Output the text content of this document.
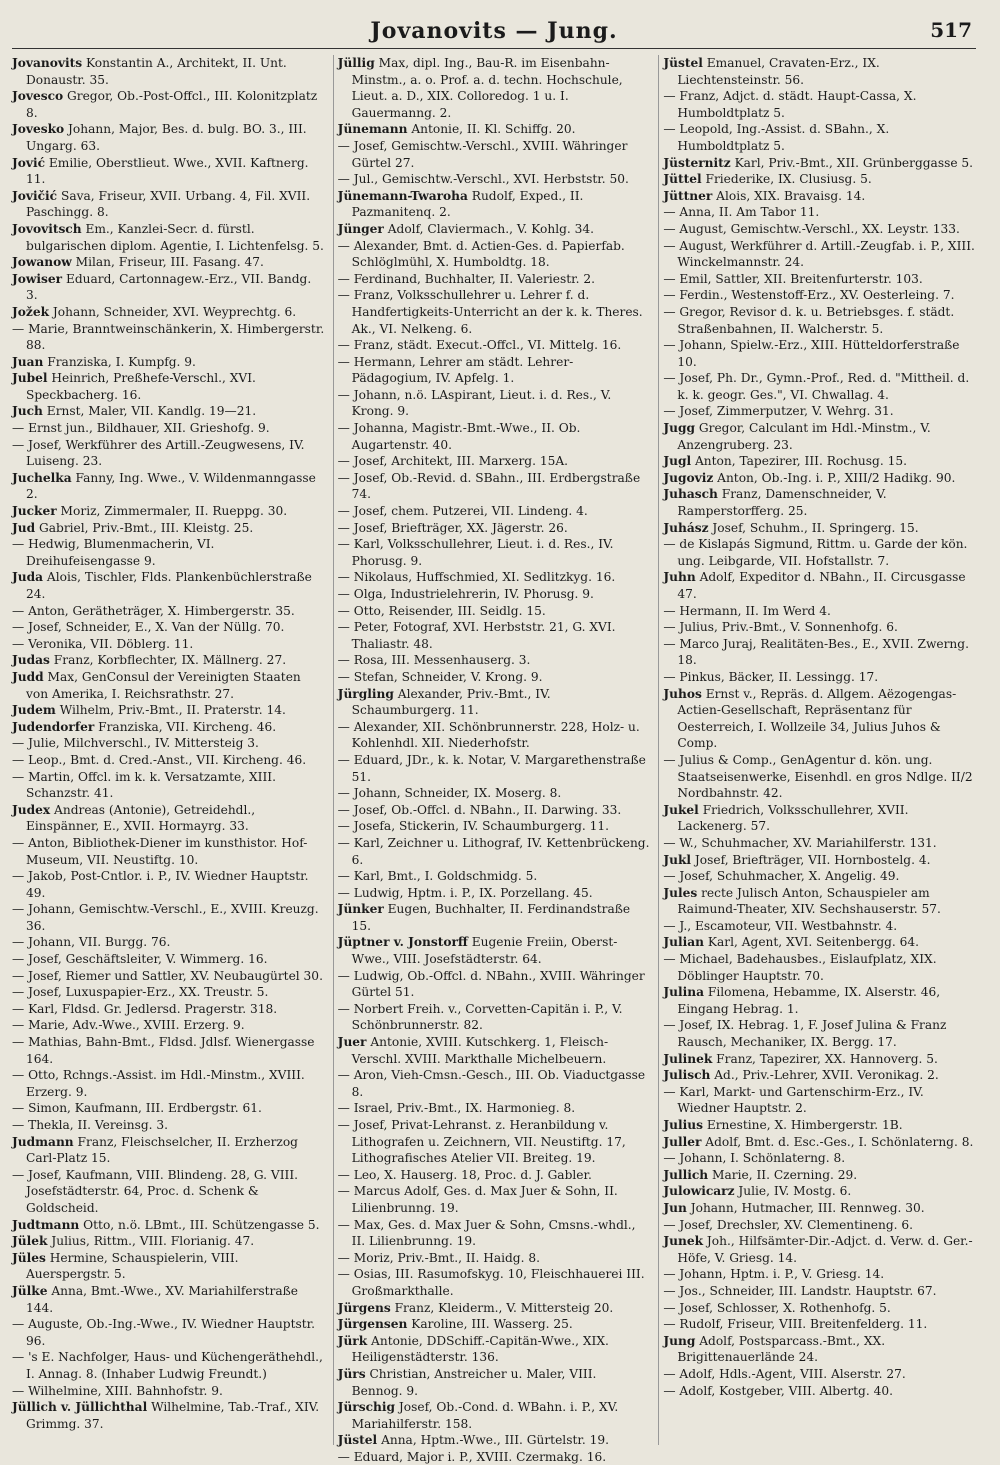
Jovanovits — Jung.	517

Jovanovits Konstantin A., Architekt, II. Unt. Donaustr. 35.

Jovesco Gregor, Ob.-Post-Offcl., III. Kolonitzplatz 8.

Jovesko Johann, Major, Bes. d. bulg. BO. 3., III. Ungarg. 63.

Jović Emilie, Oberstlieut. Wwe., XVII. Kaftnerg. 11.

Jovičić Sava, Friseur, XVII. Urbang. 4, Fil. XVII. Paschingg. 8.

Jovovitsch Em., Kanzlei-Secr. d. fürstl. bulgarischen diplom. Agentie, I. Lichtenfelsg. 5.

Jowanow Milan, Friseur, III. Fasang. 47.

Jowiser Eduard, Cartonnagew.-Erz., VII. Bandg. 3.

Jožek Johann, Schneider, XVI. Weyprechtg. 6.

— Marie, Branntweinschänkerin, X. Himbergerstr. 88.

Juan Franziska, I. Kumpfg. 9.

Jubel Heinrich, Preßhefe-Verschl., XVI. Speckbacherg. 16.

Juch Ernst, Maler, VII. Kandlg. 19—21.

— Ernst jun., Bildhauer, XII. Grieshofg. 9.

— Josef, Werkführer des Artill.-Zeugwesens, IV. Luiseng. 23.

Juchelka Fanny, Ing. Wwe., V. Wildenmanngasse 2.

Jucker Moriz, Zimmermaler, II. Rueppg. 30.

Jud Gabriel, Priv.-Bmt., III. Kleistg. 25.

— Hedwig, Blumenmacherin, VI. Dreihufeisengasse 9.

Juda Alois, Tischler, Flds. Plankenbüchlerstraße 24.

— Anton, Gerätheträger, X. Himbergerstr. 35.

— Josef, Schneider, E., X. Van der Nüllg. 70.

— Veronika, VII. Döblerg. 11.

Judas Franz, Korbflechter, IX. Mällnerg. 27.

Judd Max, GenConsul der Vereinigten Staaten von Amerika, I. Reichsrathstr. 27.

Judem Wilhelm, Priv.-Bmt., II. Praterstr. 14.

Judendorfer Franziska, VII. Kircheng. 46.

— Julie, Milchverschl., IV. Mittersteig 3.

— Leop., Bmt. d. Cred.-Anst., VII. Kircheng. 46.

— Martin, Offcl. im k. k. Versatzamte, XIII. Schanzstr. 41.

Judex Andreas (Antonie), Getreidehdl., Einspänner, E., XVII. Hormayrg. 33.

— Anton, Bibliothek-Diener im kunsthistor. Hof-Museum, VII. Neustiftg. 10.

— Jakob, Post-Cntlor. i. P., IV. Wiedner Hauptstr. 49.

— Johann, Gemischtw.-Verschl., E., XVIII. Kreuzg. 36.

— Johann, VII. Burgg. 76.

— Josef, Geschäftsleiter, V. Wimmerg. 16.

— Josef, Riemer und Sattler, XV. Neubaugürtel 30.

— Josef, Luxuspapier-Erz., XX. Treustr. 5.

— Karl, Fldsd. Gr. Jedlersd. Pragerstr. 318.

— Marie, Adv.-Wwe., XVIII. Erzerg. 9.

— Mathias, Bahn-Bmt., Fldsd. Jdlsf. Wienergasse 164.

— Otto, Rchngs.-Assist. im Hdl.-Minstm., XVIII. Erzerg. 9.

— Simon, Kaufmann, III. Erdbergstr. 61.

— Thekla, II. Vereinsg. 3.

Judmann Franz, Fleischselcher, II. Erzherzog Carl-Platz 15.

— Josef, Kaufmann, VIII. Blindeng. 28, G. VIII. Josefstädterstr. 64, Proc. d. Schenk & Goldscheid.

Judtmann Otto, n.ö. LBmt., III. Schützengasse 5.

Jülek Julius, Rittm., VIII. Florianig. 47.

Jüles Hermine, Schauspielerin, VIII. Auerspergstr. 5.

Jülke Anna, Bmt.-Wwe., XV. Mariahilferstraße 144.

— Auguste, Ob.-Ing.-Wwe., IV. Wiedner Hauptstr. 96.

— 's E. Nachfolger, Haus- und Küchengeräthehdl., I. Annag. 8. (Inhaber Ludwig Freundt.)

— Wilhelmine, XIII. Bahnhofstr. 9.

Jüllich v. Jüllichthal Wilhelmine, Tab.-Traf., XIV. Grimmg. 37.

Jüllig Max, dipl. Ing., Bau-R. im Eisenbahn-Minstm., a. o. Prof. a. d. techn. Hochschule, Lieut. a. D., XIX. Colloredog. 1 u. I. Gauermanng. 2.

Jünemann Antonie, II. Kl. Schiffg. 20.

— Josef, Gemischtw.-Verschl., XVIII. Währinger Gürtel 27.

— Jul., Gemischtw.-Verschl., XVI. Herbststr. 50.

Jünemann-Twaroha Rudolf, Exped., II. Pazmanitenq. 2.

Jünger Adolf, Claviermach., V. Kohlg. 34.

— Alexander, Bmt. d. Actien-Ges. d. Papierfab. Schlöglmühl, X. Humboldtg. 18.

— Ferdinand, Buchhalter, II. Valeriestr. 2.

— Franz, Volksschullehrer u. Lehrer f. d. Handfertigkeits-Unterricht an der k. k. Theres. Ak., VI. Nelkeng. 6.

— Franz, städt. Execut.-Offcl., VI. Mittelg. 16.

— Hermann, Lehrer am städt. Lehrer-Pädagogium, IV. Apfelg. 1.

— Johann, n.ö. LAspirant, Lieut. i. d. Res., V. Krong. 9.

— Johanna, Magistr.-Bmt.-Wwe., II. Ob. Augartenstr. 40.

— Josef, Architekt, III. Marxerg. 15A.

— Josef, Ob.-Revid. d. SBahn., III. Erdbergstraße 74.

— Josef, chem. Putzerei, VII. Lindeng. 4.

— Josef, Briefträger, XX. Jägerstr. 26.

— Karl, Volksschullehrer, Lieut. i. d. Res., IV. Phorusg. 9.

— Nikolaus, Huffschmied, XI. Sedlitzkyg. 16.

— Olga, Industrielehrerin, IV. Phorusg. 9.

— Otto, Reisender, III. Seidlg. 15.

— Peter, Fotograf, XVI. Herbststr. 21, G. XVI. Thaliastr. 48.

— Rosa, III. Messenhauserg. 3.

— Stefan, Schneider, V. Krong. 9.

Jürgling Alexander, Priv.-Bmt., IV. Schaumburgerg. 11.

— Alexander, XII. Schönbrunnerstr. 228, Holz- u. Kohlenhdl. XII. Niederhofstr.

— Eduard, JDr., k. k. Notar, V. Margarethenstraße 51.

— Johann, Schneider, IX. Moserg. 8.

— Josef, Ob.-Offcl. d. NBahn., II. Darwing. 33.

— Josefa, Stickerin, IV. Schaumburgerg. 11.

— Karl, Zeichner u. Lithograf, IV. Kettenbrückeng. 6.

— Karl, Bmt., I. Goldschmidg. 5.

— Ludwig, Hptm. i. P., IX. Porzellang. 45.

Jünker Eugen, Buchhalter, II. Ferdinandstraße 15.

Jüptner v. Jonstorff Eugenie Freiin, Oberst-Wwe., VIII. Josefstädterstr. 64.

— Ludwig, Ob.-Offcl. d. NBahn., XVIII. Währinger Gürtel 51.

— Norbert Freih. v., Corvetten-Capitän i. P., V. Schönbrunnerstr. 82.

Juer Antonie, XVIII. Kutschkerg. 1, Fleisch-Verschl. XVIII. Markthalle Michelbeuern.

— Aron, Vieh-Cmsn.-Gesch., III. Ob. Viaductgasse 8.

— Israel, Priv.-Bmt., IX. Harmonieg. 8.

— Josef, Privat-Lehranst. z. Heranbildung v. Lithografen u. Zeichnern, VII. Neustiftg. 17, Lithografisches Atelier VII. Breiteg. 19.

— Leo, X. Hauserg. 18, Proc. d. J. Gabler.

— Marcus Adolf, Ges. d. Max Juer & Sohn, II. Lilienbrunng. 19.

— Max, Ges. d. Max Juer & Sohn, Cmsns.-whdl., II. Lilienbrunng. 19.

— Moriz, Priv.-Bmt., II. Haidg. 8.

— Osias, III. Rasumofskyg. 10, Fleischhauerei III. Großmarkthalle.

Jürgens Franz, Kleiderm., V. Mittersteig 20.

Jürgensen Karoline, III. Wasserg. 25.

Jürk Antonie, DDSchiff.-Capitän-Wwe., XIX. Heiligenstädterstr. 136.

Jürs Christian, Anstreicher u. Maler, VIII. Bennog. 9.

Jürschig Josef, Ob.-Cond. d. WBahn. i. P., XV. Mariahilferstr. 158.

Jüstel Anna, Hptm.-Wwe., III. Gürtelstr. 19.

— Eduard, Major i. P., XVIII. Czermakg. 16.

Jüstel Emanuel, Cravaten-Erz., IX. Liechtensteinstr. 56.

— Franz, Adjct. d. städt. Haupt-Cassa, X. Humboldtplatz 5.

— Leopold, Ing.-Assist. d. SBahn., X. Humboldtplatz 5.

Jüsternitz Karl, Priv.-Bmt., XII. Grünberggasse 5.

Jüttel Friederike, IX. Clusiusg. 5.

Jüttner Alois, XIX. Bravaisg. 14.

— Anna, II. Am Tabor 11.

— August, Gemischtw.-Verschl., XX. Leystr. 133.

— August, Werkführer d. Artill.-Zeugfab. i. P., XIII. Winckelmannstr. 24.

— Emil, Sattler, XII. Breitenfurterstr. 103.

— Ferdin., Westenstoff-Erz., XV. Oesterleing. 7.

— Gregor, Revisor d. k. u. Betriebsges. f. städt. Straßenbahnen, II. Walcherstr. 5.

— Johann, Spielw.-Erz., XIII. Hütteldorferstraße 10.

— Josef, Ph. Dr., Gymn.-Prof., Red. d. "Mittheil. d. k. k. geogr. Ges.", VI. Chwallag. 4.

— Josef, Zimmerputzer, V. Wehrg. 31.

Jugg Gregor, Calculant im Hdl.-Minstm., V. Anzengruberg. 23.

Jugl Anton, Tapezirer, III. Rochusg. 15.

Jugoviz Anton, Ob.-Ing. i. P., XIII/2 Hadikg. 90.

Juhasch Franz, Damenschneider, V. Ramperstorfferg. 25.

Juhász Josef, Schuhm., II. Springerg. 15.

— de Kislapás Sigmund, Rittm. u. Garde der kön. ung. Leibgarde, VII. Hofstallstr. 7.

Juhn Adolf, Expeditor d. NBahn., II. Circusgasse 47.

— Hermann, II. Im Werd 4.

— Julius, Priv.-Bmt., V. Sonnenhofg. 6.

— Marco Juraj, Realitäten-Bes., E., XVII. Zwerng. 18.

— Pinkus, Bäcker, II. Lessingg. 17.

Juhos Ernst v., Repräs. d. Allgem. Aëzogengas-Actien-Gesellschaft, Repräsentanz für Oesterreich, I. Wollzeile 34, Julius Juhos & Comp.

— Julius & Comp., GenAgentur d. kön. ung. Staatseisenwerke, Eisenhdl. en gros Ndlge. II/2 Nordbahnstr. 42.

Jukel Friedrich, Volksschullehrer, XVII. Lackenerg. 57.

— W., Schuhmacher, XV. Mariahilferstr. 131.

Jukl Josef, Briefträger, VII. Hornbostelg. 4.

— Josef, Schuhmacher, X. Angelig. 49.

Jules recte Julisch Anton, Schauspieler am Raimund-Theater, XIV. Sechshauserstr. 57.

— J., Escamoteur, VII. Westbahnstr. 4.

Julian Karl, Agent, XVI. Seitenbergg. 64.

— Michael, Badehausbes., Eislaufplatz, XIX. Döblinger Hauptstr. 70.

Julina Filomena, Hebamme, IX. Alserstr. 46, Eingang Hebrag. 1.

— Josef, IX. Hebrag. 1, F. Josef Julina & Franz Rausch, Mechaniker, IX. Bergg. 17.

Julinek Franz, Tapezirer, XX. Hannoverg. 5.

Julisch Ad., Priv.-Lehrer, XVII. Veronikag. 2.

— Karl, Markt- und Gartenschirm-Erz., IV. Wiedner Hauptstr. 2.

Julius Ernestine, X. Himbergerstr. 1B.

Juller Adolf, Bmt. d. Esc.-Ges., I. Schönlaterng. 8.

— Johann, I. Schönlaterng. 8.

Jullich Marie, II. Czerning. 29.

Julowicarz Julie, IV. Mostg. 6.

Jun Johann, Hutmacher, III. Rennweg. 30.

— Josef, Drechsler, XV. Clementineng. 6.

Junek Joh., Hilfsämter-Dir.-Adjct. d. Verw. d. Ger.-Höfe, V. Griesg. 14.

— Johann, Hptm. i. P., V. Griesg. 14.

— Jos., Schneider, III. Landstr. Hauptstr. 67.

— Josef, Schlosser, X. Rothenhofg. 5.

— Rudolf, Friseur, VIII. Breitenfelderg. 11.

Jung Adolf, Postsparcass.-Bmt., XX. Brigittenauerlände 24.

— Adolf, Hdls.-Agent, VIII. Alserstr. 27.

— Adolf, Kostgeber, VIII. Albertg. 40.
